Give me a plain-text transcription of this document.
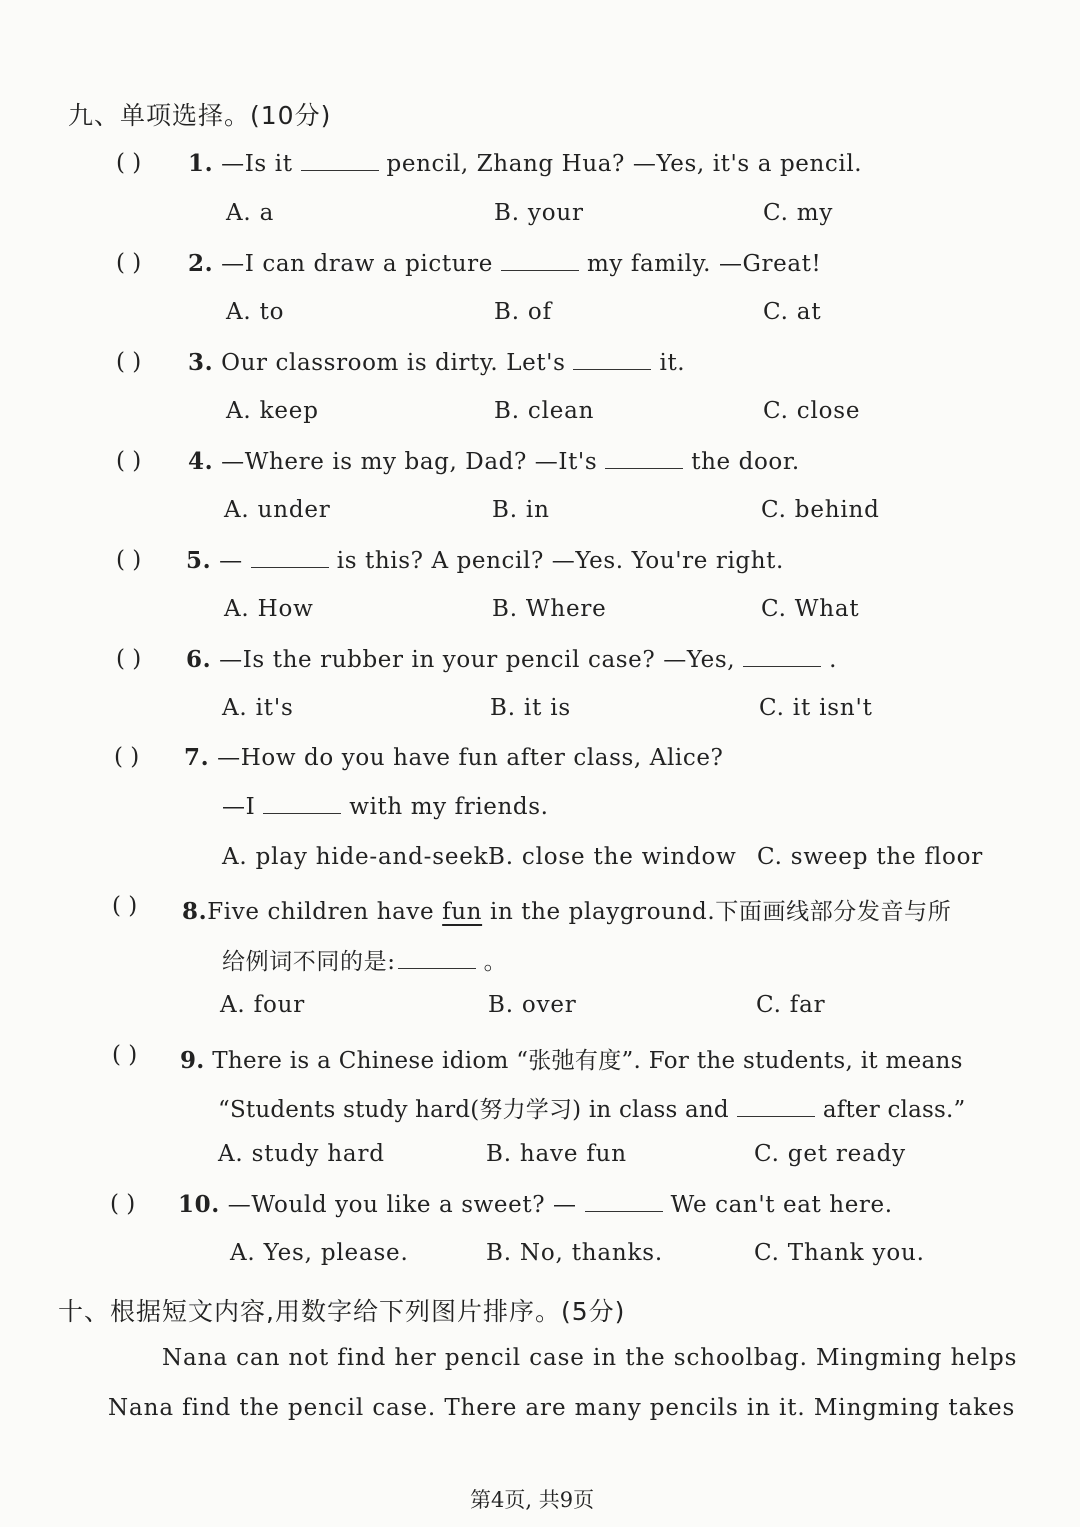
九、单项选择。(10分)
( ) 1. —Is it	pencil, Zhang Hua? —Yes, it's a pencil.
A. a	B. your	C. my
( ) 2. —I can draw a picture	my family. —Great!
A. to	B. of	C. at
( ) 3. Our classroom is dirty. Let's	it.
A. keep	B. clean	C. close
( ) 4. —Where is my bag, Dad? —It's	the door.
A. under	B. in	C. behind
( ) 5. —	is this? A pencil? —Yes. You're right.
A. How	B. Where	C. What
( ) 6. —Is the rubber in your pencil case? —Yes,	.
A. it's	B. it is	C. it isn't
( ) 7. —How do you have fun after class, Alice?
—I	with my friends.
A. play hide-and-seek B. close the window C. sweep the floor
( ) 8.Five children have fun in the playground.下面画线部分发音与所
给例词不同的是:	。
A. four	B. over	C. far
( ) 9. There is a Chinese idiom “张弛有度”. For the students, it means
“Students study hard(努力学习) in class and	after class.”
A. study hard	B. have fun	C. get ready
( ) 10. —Would you like a sweet? —	We can't eat here.
A. Yes, please.	B. No, thanks.	C. Thank you.
十、根据短文内容,用数字给下列图片排序。(5分)
Nana can not find her pencil case in the schoolbag. Mingming helps
Nana find the pencil case. There are many pencils in it. Mingming takes
第4页, 共9页
